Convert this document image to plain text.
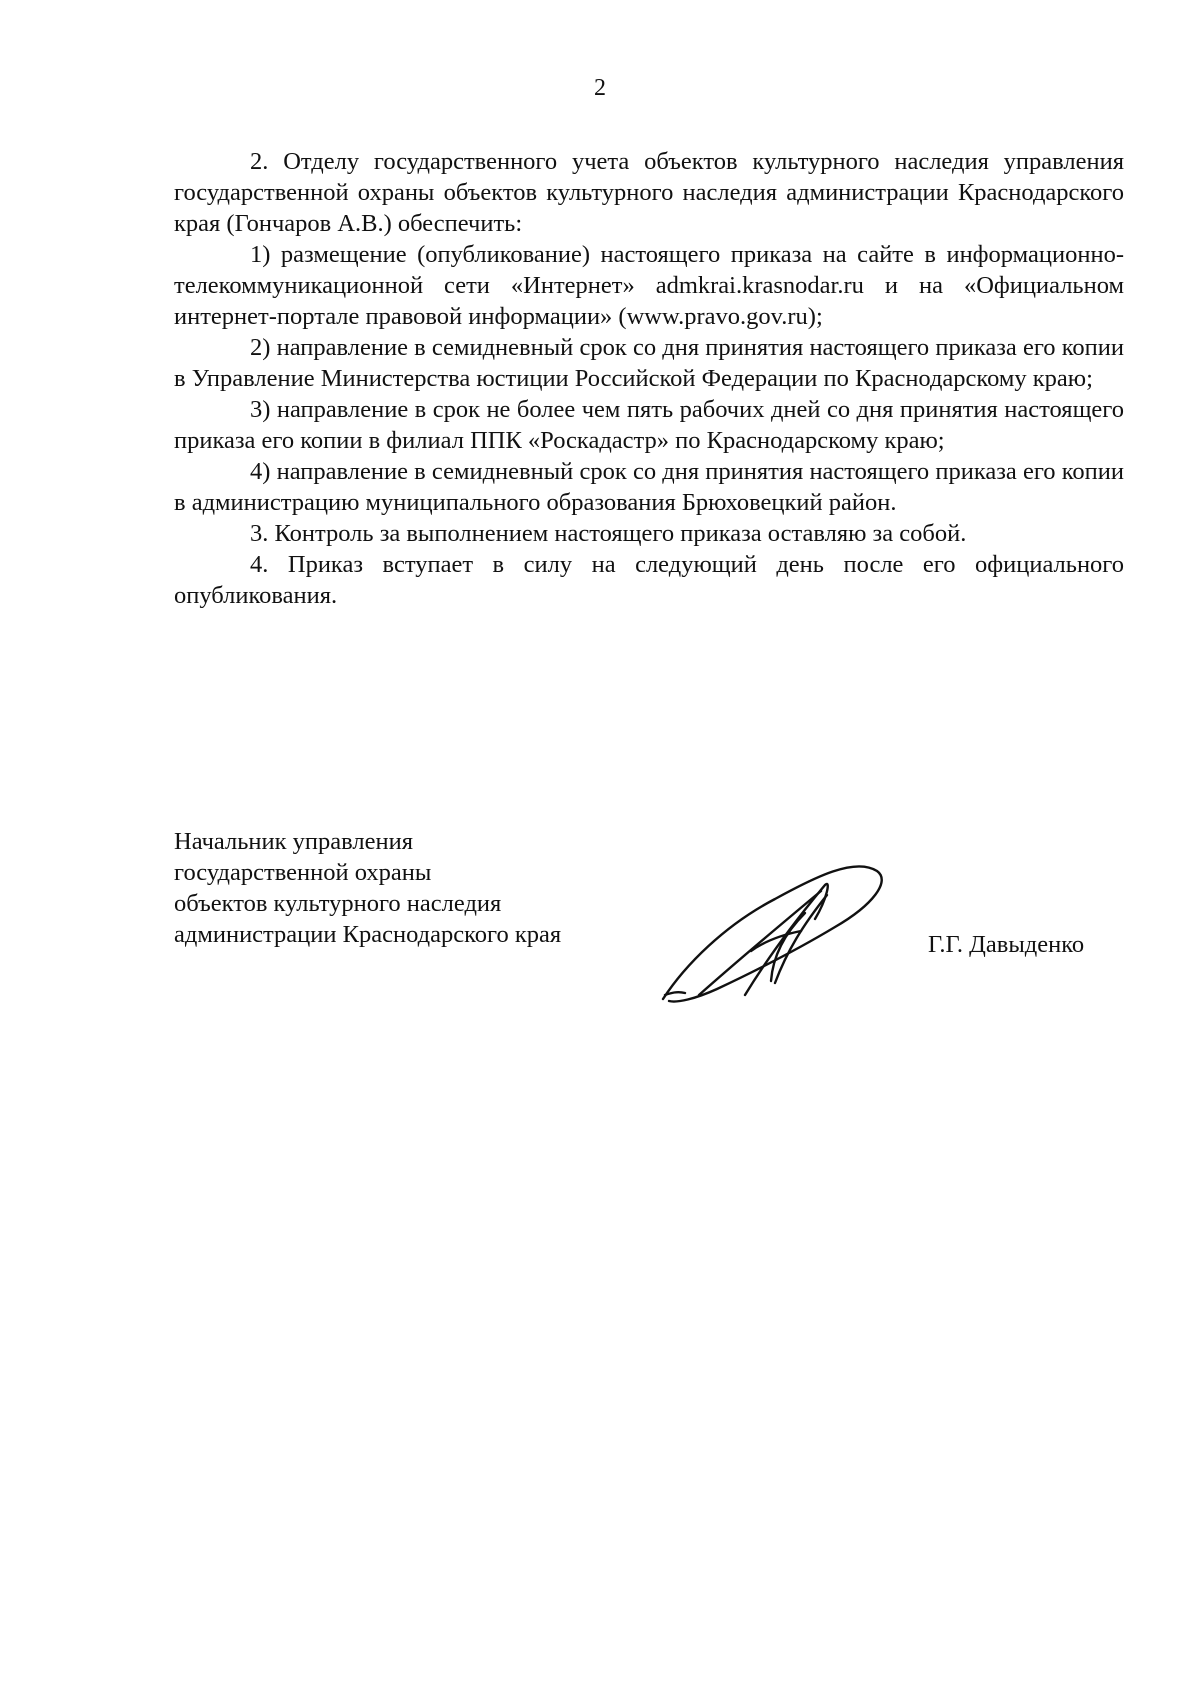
2

2. Отделу государственного учета объектов культурного наследия управления государственной охраны объектов культурного наследия администрации Краснодарского края (Гончаров А.В.) обеспечить:

1) размещение (опубликование) настоящего приказа на сайте в информационно-телекоммуникационной сети «Интернет» admkrai.krasnodar.ru и на «Официальном интернет-портале правовой информации» (www.pravo.gov.ru);

2) направление в семидневный срок со дня принятия настоящего приказа его копии в Управление Министерства юстиции Российской Федерации по Краснодарскому краю;

3) направление в срок не более чем пять рабочих дней со дня принятия настоящего приказа его копии в филиал ППК «Роскадастр» по Краснодарскому краю;

4) направление в семидневный срок со дня принятия настоящего приказа его копии в администрацию муниципального образования Брюховецкий район.

3. Контроль за выполнением настоящего приказа оставляю за собой.

4. Приказ вступает в силу на следующий день после его официального опубликования.

Начальник управления
государственной охраны
объектов культурного наследия
администрации Краснодарского края	Г.Г. Давыденко
